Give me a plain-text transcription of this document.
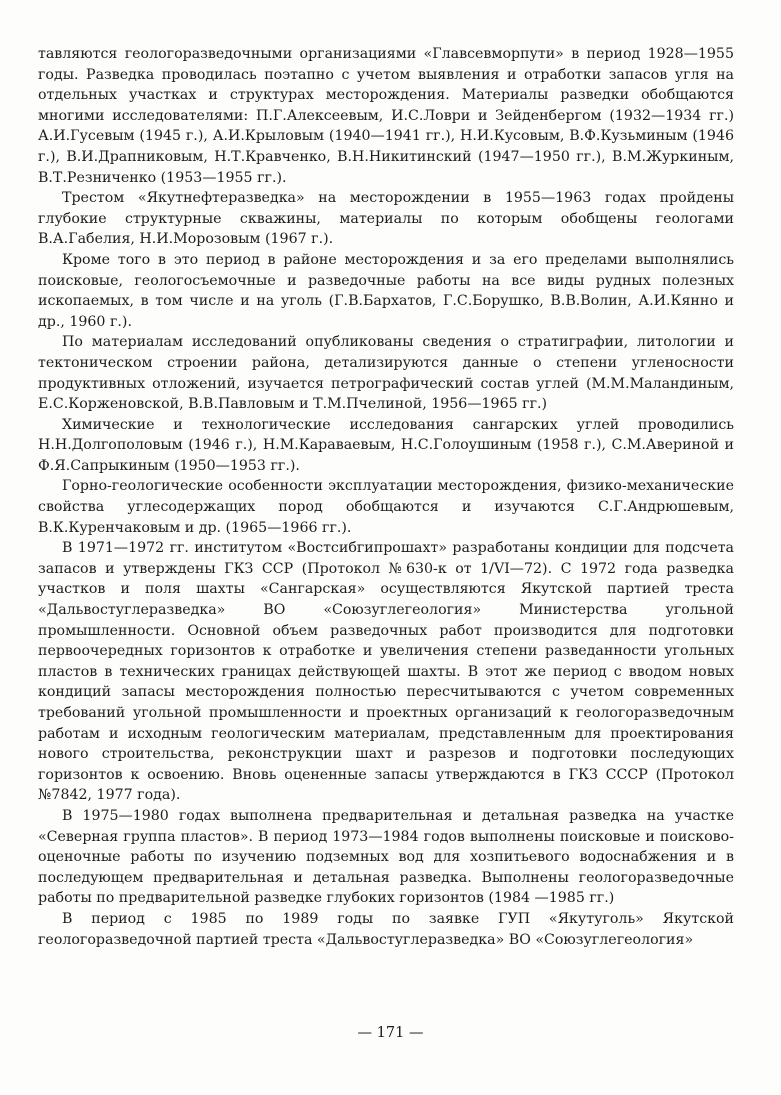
тавляются геологоразведочными организациями «Главсевморпути» в период 1928—1955 годы. Разведка проводилась поэтапно с учетом выявления и отработки запасов угля на отдельных участках и структурах месторождения. Материалы разведки обобщаются многими исследователями: П.Г.Алексеевым, И.С.Ловри и Зейденбергом (1932—1934 гг.) А.И.Гусевым (1945 г.), А.И.Крыловым (1940—1941 гг.), Н.И.Кусовым, В.Ф.Кузьминым (1946 г.), В.И.Драпниковым, Н.Т.Кравченко, В.Н.Никитинский (1947—1950 гг.), В.М.Журкиным, В.Т.Резниченко (1953—1955 гг.).

Трестом «Якутнефтеразведка» на месторождении в 1955—1963 годах пройдены глубокие структурные скважины, материалы по которым обобщены геологами В.А.Габелия, Н.И.Морозовым (1967 г.).

Кроме того в это период в районе месторождения и за его пределами выполнялись поисковые, геологосъемочные и разведочные работы на все виды рудных полезных ископаемых, в том числе и на уголь (Г.В.Бархатов, Г.С.Борушко, В.В.Волин, А.И.Кянно и др., 1960 г.).

По материалам исследований опубликованы сведения о стратиграфии, литологии и тектоническом строении района, детализируются данные о степени угленосности продуктивных отложений, изучается петрографический состав углей (М.М.Маландиным, Е.С.Корженовской, В.В.Павловым и Т.М.Пчелиной, 1956—1965 гг.)

Химические и технологические исследования сангарских углей проводились Н.Н.Долгополовым (1946 г.), Н.М.Караваевым, Н.С.Голоушиным (1958 г.), С.М.Авериной и Ф.Я.Сапрыкиным (1950—1953 гг.).

Горно-геологические особенности эксплуатации месторождения, физико-механические свойства углесодержащих пород обобщаются и изучаются С.Г.Андрюшевым, В.К.Куренчаковым и др. (1965—1966 гг.).

В 1971—1972 гг. институтом «Востсибгипрошахт» разработаны кондиции для подсчета запасов и утверждены ГКЗ ССР (Протокол №630-к от 1/VI—72). С 1972 года разведка участков и поля шахты «Сангарская» осуществляются Якутской партией треста «Дальвостуглеразведка» ВО «Союзуглегеология» Министерства угольной промышленности. Основной объем разведочных работ производится для подготовки первоочередных горизонтов к отработке и увеличения степени разведанности угольных пластов в технических границах действующей шахты. В этот же период с вводом новых кондиций запасы месторождения полностью пересчитываются с учетом современных требований угольной промышленности и проектных организаций к геологоразведочным работам и исходным геологическим материалам, представленным для проектирования нового строительства, реконструкции шахт и разрезов и подготовки последующих горизонтов к освоению. Вновь оцененные запасы утверждаются в ГКЗ СССР (Протокол №7842, 1977 года).

В 1975—1980 годах выполнена предварительная и детальная разведка на участке «Северная группа пластов». В период 1973—1984 годов выполнены поисковые и поисково-оценочные работы по изучению подземных вод для хозпитьевого водоснабжения и в последующем предварительная и детальная разведка. Выполнены геологоразведочные работы по предварительной разведке глубоких горизонтов (1984 —1985 гг.)

В период с 1985 по 1989 годы по заявке ГУП «Якутуголь» Якутской геологоразведочной партией треста «Дальвостуглеразведка» ВО «Союзуглегеология»

— 171 —
